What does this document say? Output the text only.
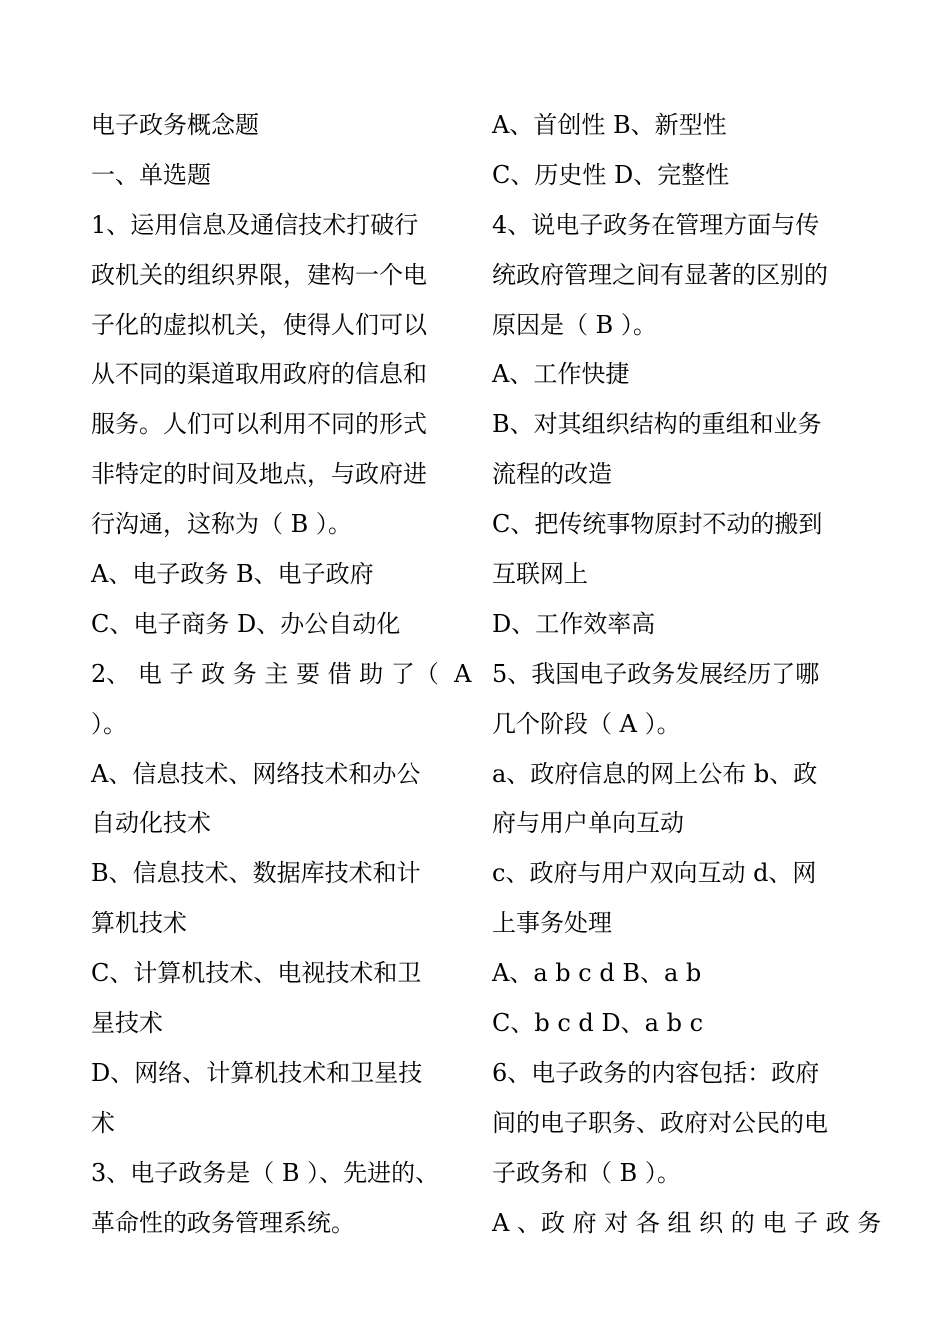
电子政务概念题
一、单选题
1、运用信息及通信技术打破行
政机关的组织界限，建构一个电
子化的虚拟机关，使得人们可以
从不同的渠道取用政府的信息和
服务。人们可以利用不同的形式
非特定的时间及地点，与政府进
行沟通，这称为（ B ）。
A、电子政务 B、电子政府
C、电子商务 D、办公自动化
2、 电 子 政 务 主 要 借 助 了（  A
）。
A、信息技术、网络技术和办公
自动化技术
B、信息技术、数据库技术和计
算机技术
C、计算机技术、电视技术和卫
星技术
D、网络、计算机技术和卫星技
术
3、电子政务是（ B ）、先进的、
革命性的政务管理系统。
A、首创性 B、新型性
C、历史性 D、完整性
4、说电子政务在管理方面与传
统政府管理之间有显著的区别的
原因是（ B ）。
A、工作快捷
B、对其组织结构的重组和业务
流程的改造
C、把传统事物原封不动的搬到
互联网上
D、工作效率高
5、我国电子政务发展经历了哪
几个阶段（ A ）。
a、政府信息的网上公布 b、政
府与用户单向互动
c、政府与用户双向互动 d、网
上事务处理
A、a b c d B、a b
C、b c d D、a b c
6、电子政务的内容包括：政府
间的电子职务、政府对公民的电
子政务和（ B ）。
A 、政 府 对 各 组 织 的 电 子 政 务
